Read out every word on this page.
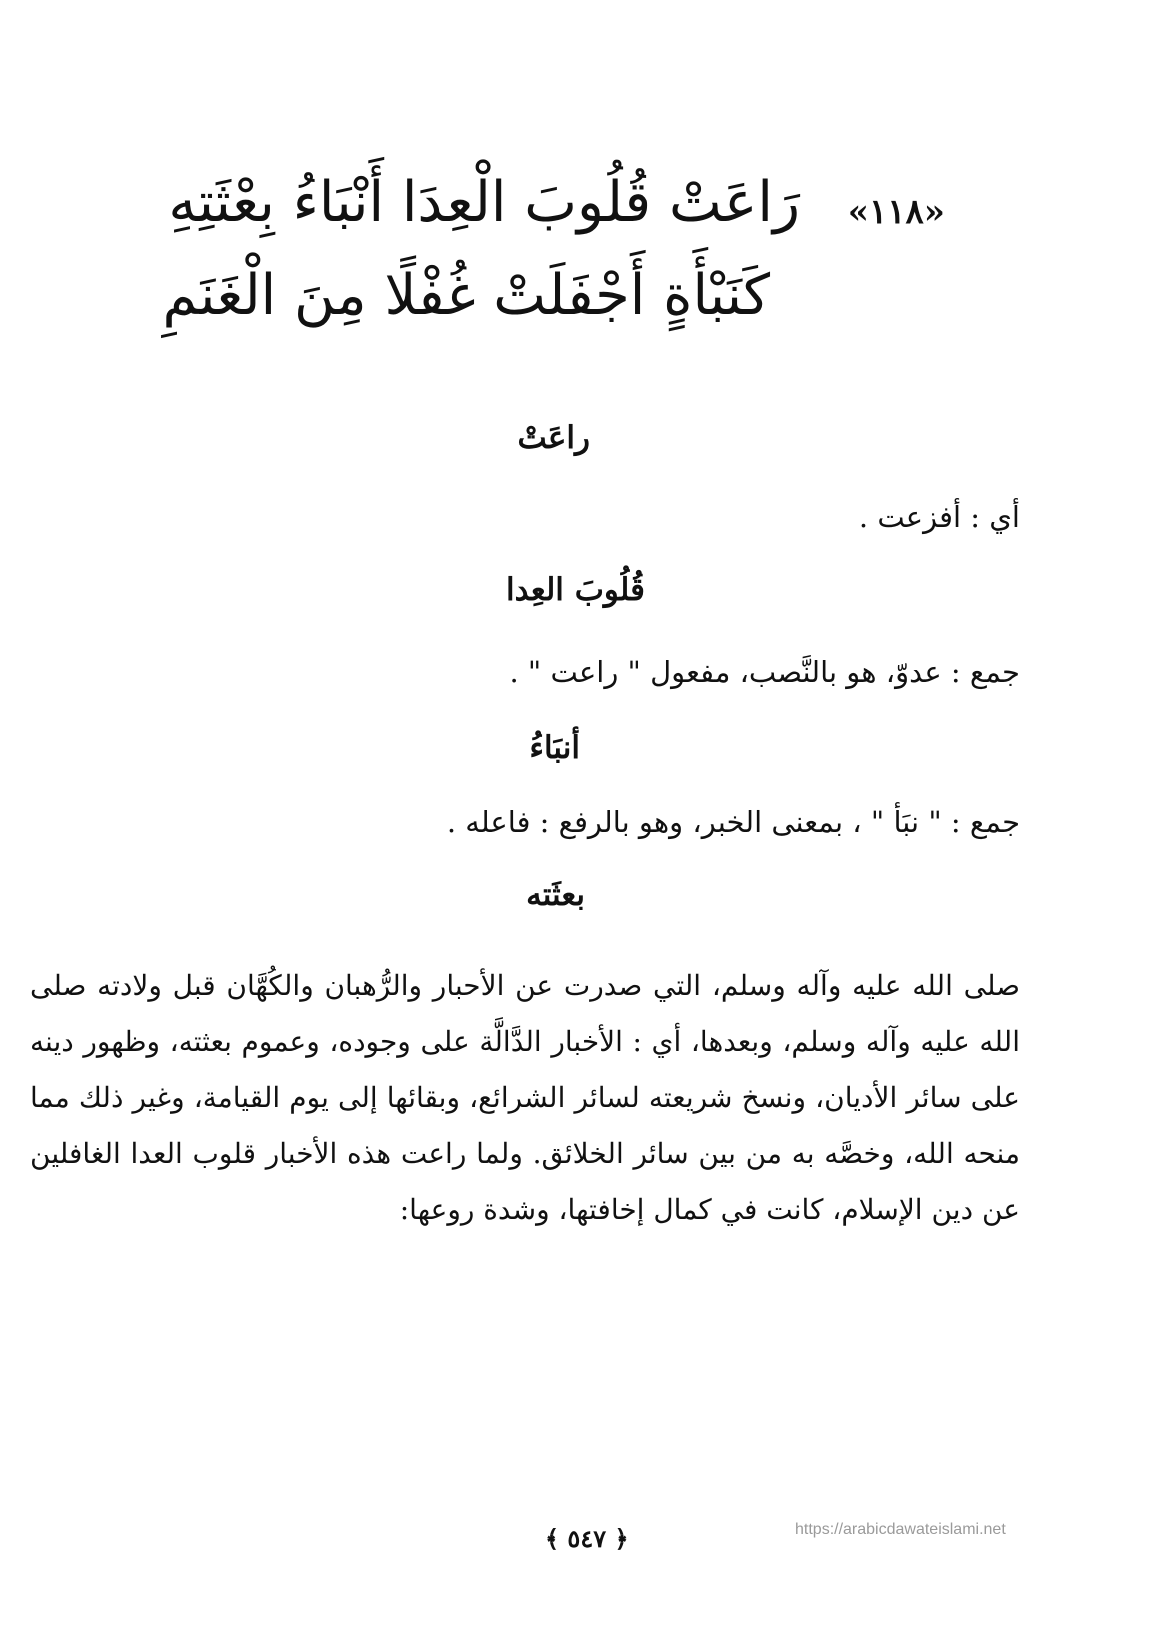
«١١٨»
رَاعَتْ قُلُوبَ الْعِدَا أَنْبَاءُ بِعْثَتِهِ
كَنَبْأَةٍ أَجْفَلَتْ غُفْلًا مِنَ الْغَنَمِ
راعَتْ
أي : أفزعت .
قُلُوبَ العِدا
جمع : عدوّ، هو بالنَّصب، مفعول " راعت " .
أنبَاءُ
جمع : " نبَأ " ، بمعنى الخبر، وهو بالرفع : فاعله .
بعثَته
صلى الله عليه وآله وسلم، التي صدرت عن الأحبار والرُّهبان والكُهَّان قبل ولادته صلى الله عليه وآله وسلم، وبعدها، أي : الأخبار الدَّالَّة على وجوده، وعموم بعثته، وظهور دينه على سائر الأديان، ونسخ شريعته لسائر الشرائع، وبقائها إلى يوم القيامة، وغير ذلك مما منحه الله، وخصَّه به من بين سائر الخلائق. ولما راعت هذه الأخبار قلوب العدا الغافلين عن دين الإسلام، كانت في كمال إخافتها، وشدة روعها:
﴿ ٥٤٧ ﴾	https://arabicdawateislami.net
